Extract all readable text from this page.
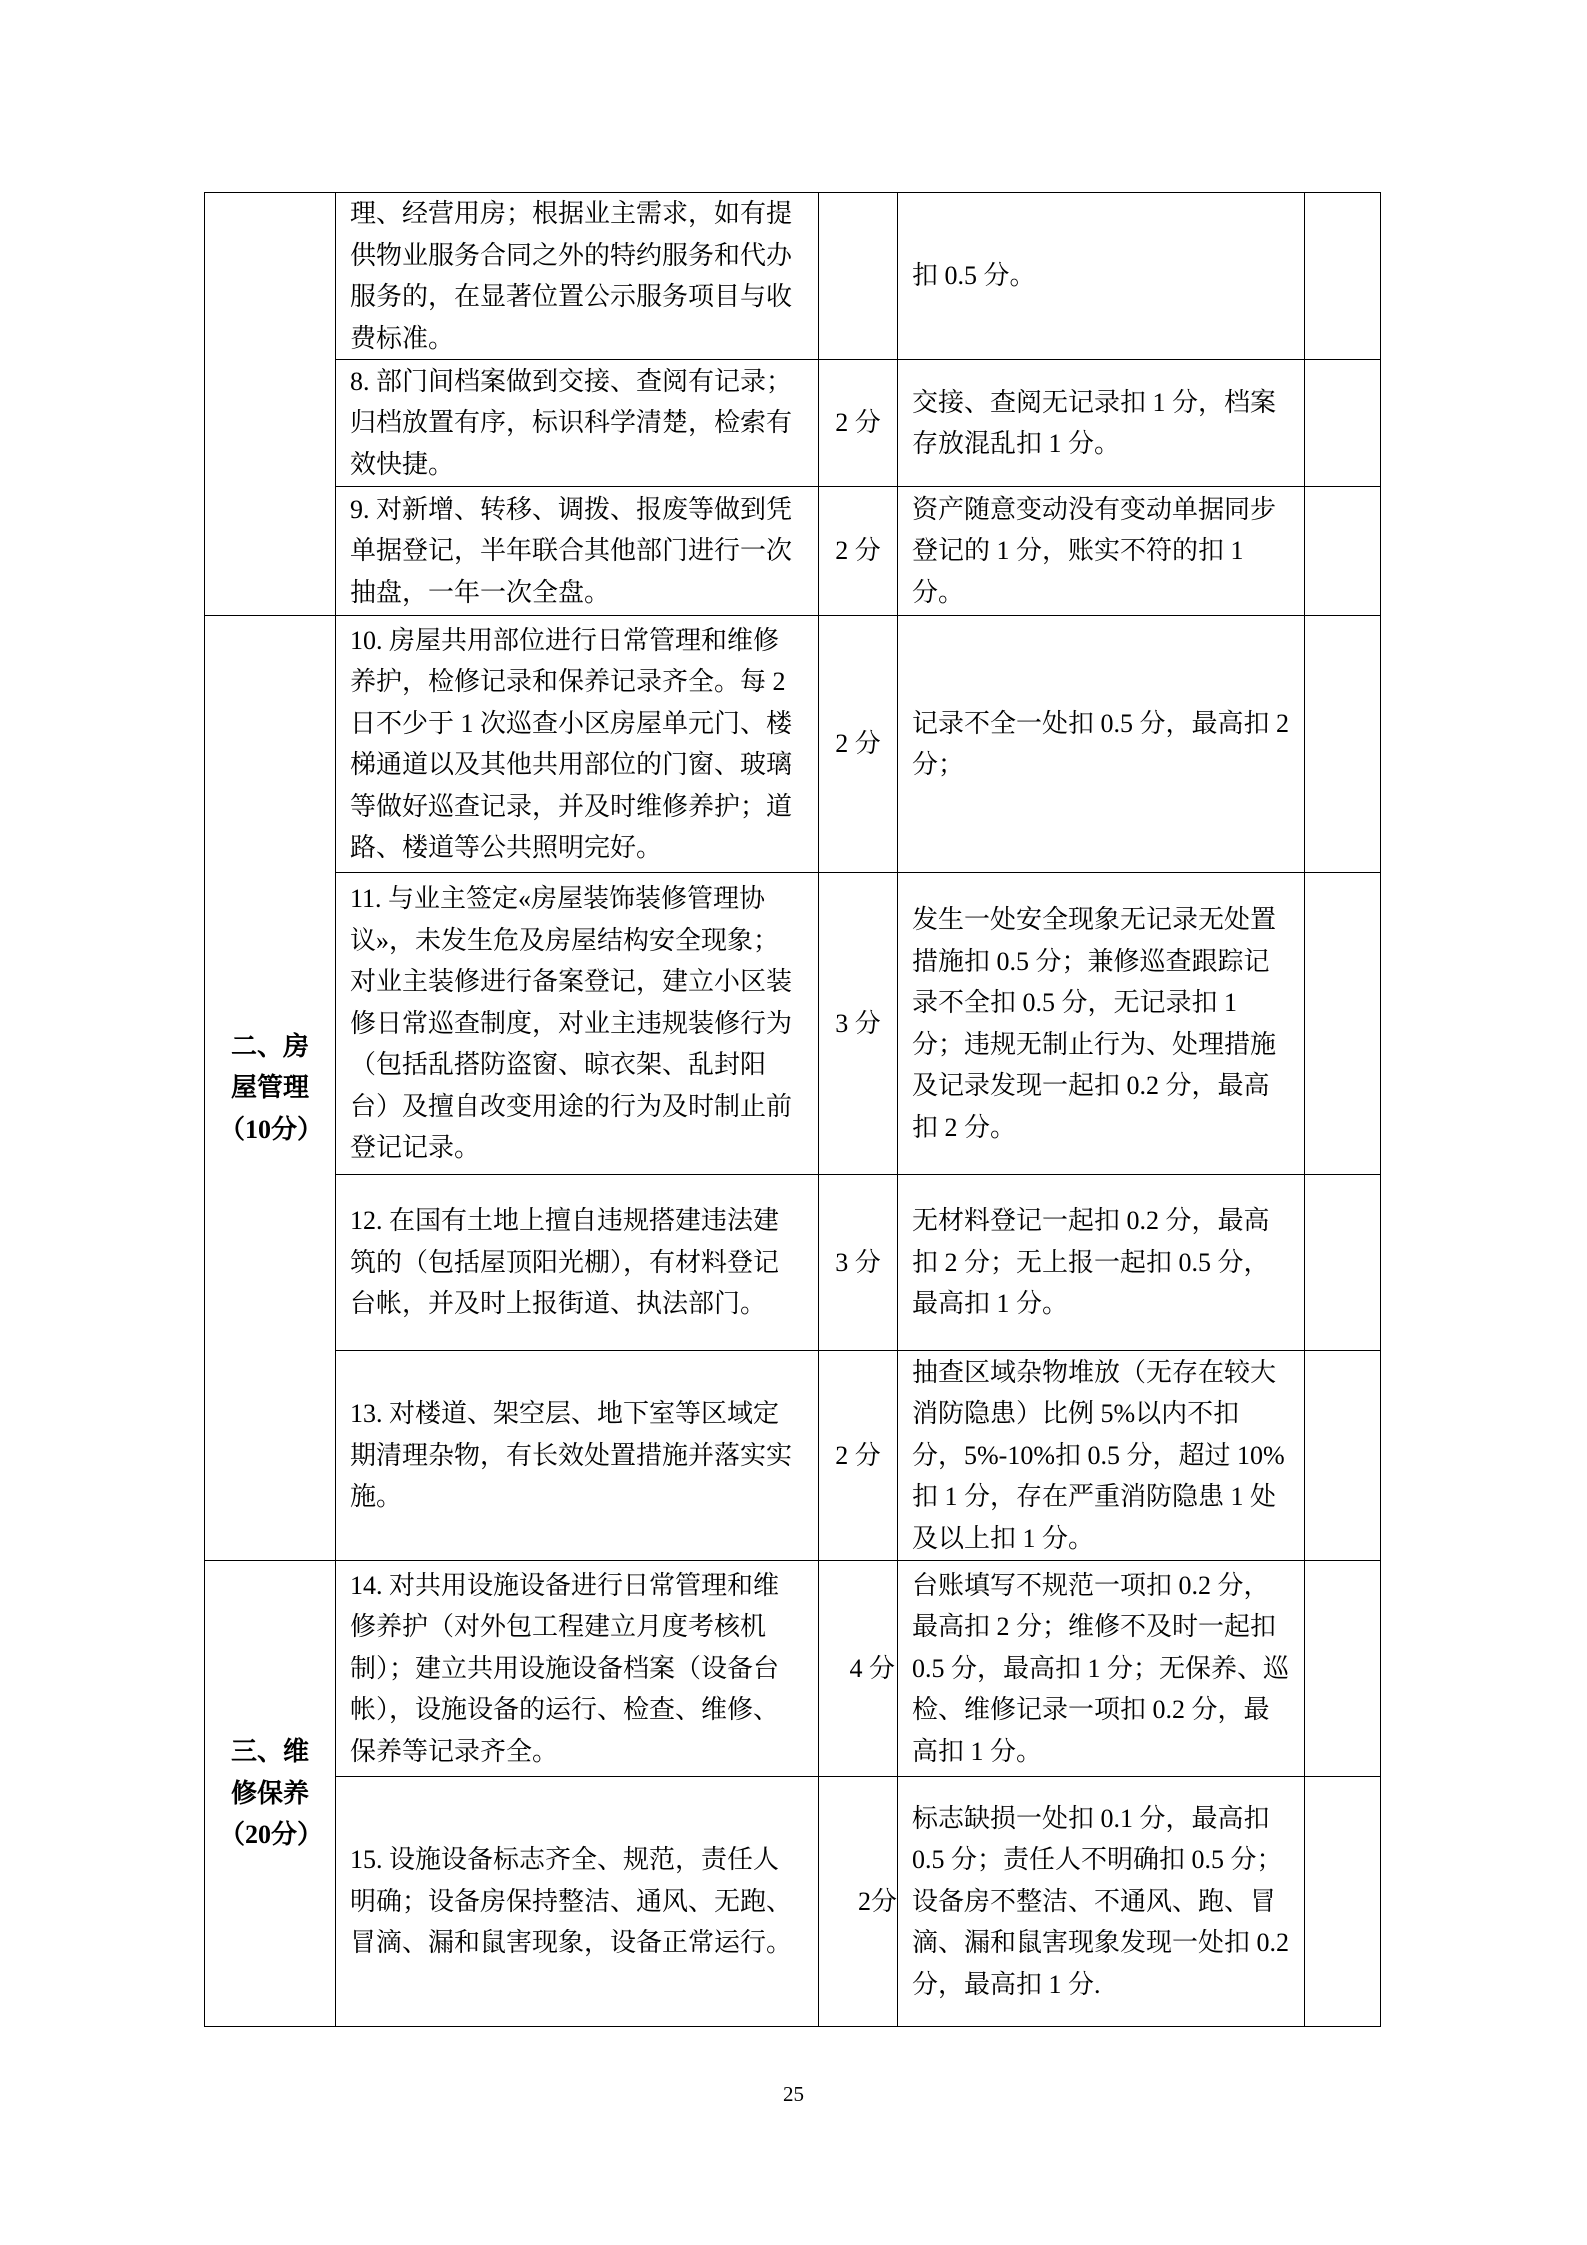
	理、经营用房；根据业主需求，如有提供物业服务合同之外的特约服务和代办服务的，在显著位置公示服务项目与收费标准。		扣 0.5 分。	
	8. 部门间档案做到交接、查阅有记录；归档放置有序，标识科学清楚，检索有效快捷。	2 分	交接、查阅无记录扣 1 分，档案存放混乱扣 1 分。	
	9. 对新增、转移、调拨、报废等做到凭单据登记，半年联合其他部门进行一次抽盘，一年一次全盘。	2 分	资产随意变动没有变动单据同步登记的 1 分，账实不符的扣 1 分。	
二、房屋管理（10分）	10. 房屋共用部位进行日常管理和维修养护，检修记录和保养记录齐全。每 2 日不少于 1 次巡查小区房屋单元门、楼梯通道以及其他共用部位的门窗、玻璃等做好巡查记录，并及时维修养护；道路、楼道等公共照明完好。	2 分	记录不全一处扣 0.5 分，最高扣 2 分；	
	11. 与业主签定«房屋装饰装修管理协议»，未发生危及房屋结构安全现象；对业主装修进行备案登记，建立小区装修日常巡查制度，对业主违规装修行为（包括乱搭防盗窗、晾衣架、乱封阳台）及擅自改变用途的行为及时制止前登记记录。	3 分	发生一处安全现象无记录无处置措施扣 0.5 分；兼修巡查跟踪记录不全扣 0.5 分，无记录扣 1 分；违规无制止行为、处理措施及记录发现一起扣 0.2 分，最高扣 2 分。	
	12. 在国有土地上擅自违规搭建违法建筑的（包括屋顶阳光棚），有材料登记台帐，并及时上报街道、执法部门。	3 分	无材料登记一起扣 0.2 分，最高扣 2 分；无上报一起扣 0.5 分，最高扣 1 分。	
	13. 对楼道、架空层、地下室等区域定期清理杂物，有长效处置措施并落实实施。	2 分	抽查区域杂物堆放（无存在较大消防隐患）比例 5%以内不扣分，5%-10%扣 0.5 分，超过 10%扣 1 分，存在严重消防隐患 1 处及以上扣 1 分。	
三、维修保养（20分）	14. 对共用设施设备进行日常管理和维修养护（对外包工程建立月度考核机制）；建立共用设施设备档案（设备台帐），设施设备的运行、检查、维修、保养等记录齐全。	4 分	台账填写不规范一项扣 0.2 分，最高扣 2 分；维修不及时一起扣 0.5 分，最高扣 1 分；无保养、巡检、维修记录一项扣 0.2 分，最高扣 1 分。	
	15. 设施设备标志齐全、规范，责任人明确；设备房保持整洁、通风、无跑、冒滴、漏和鼠害现象，设备正常运行。	2分	标志缺损一处扣 0.1 分，最高扣 0.5 分；责任人不明确扣 0.5 分；设备房不整洁、不通风、跑、冒滴、漏和鼠害现象发现一处扣 0.2 分，最高扣 1 分.	
25
